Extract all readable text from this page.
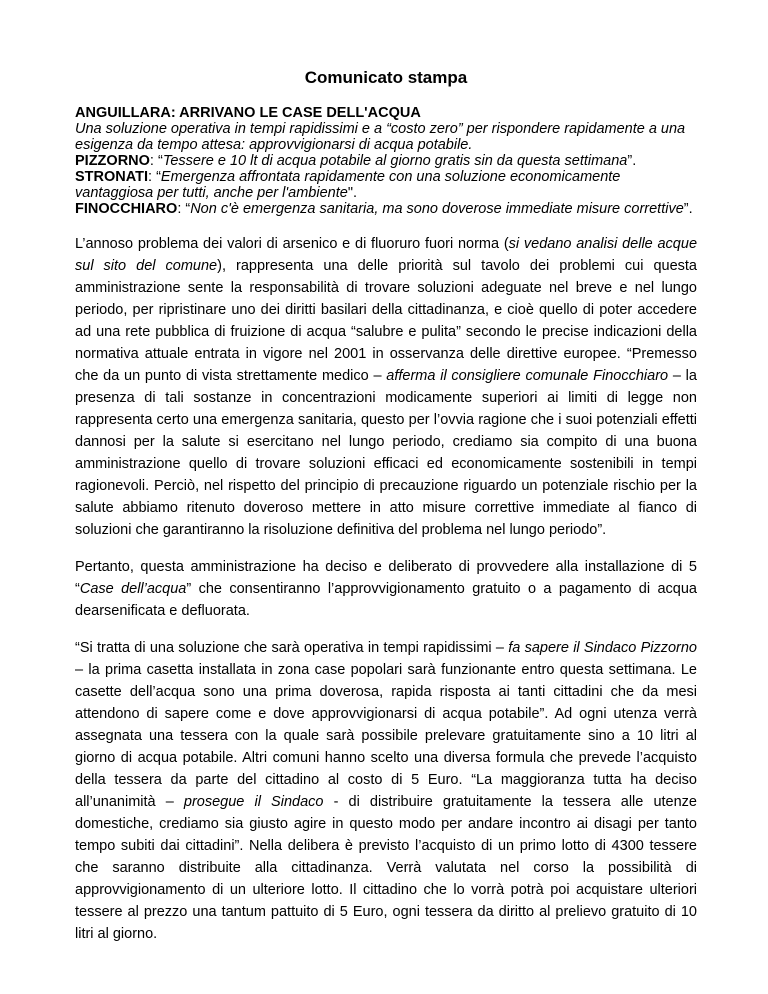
Comunicato stampa
ANGUILLARA: ARRIVANO LE CASE DELL'ACQUA
Una soluzione operativa in tempi rapidissimi e a “costo zero” per rispondere rapidamente a una esigenza da tempo attesa: approvvigionarsi di acqua potabile.
PIZZORNO: “Tessere e 10 lt di acqua potabile al giorno gratis sin da questa settimana”.
STRONATI: “Emergenza affrontata rapidamente con una soluzione economicamente vantaggiosa per tutti, anche per l'ambiente".
FINOCCHIARO: “Non c'è emergenza sanitaria, ma sono doverose immediate misure correttive”.

L’annoso problema dei valori di arsenico e di fluoruro fuori norma (si vedano analisi delle acque sul sito del comune), rappresenta una delle priorità sul tavolo dei problemi cui questa amministrazione sente la responsabilità di trovare soluzioni adeguate nel breve e nel lungo periodo, per ripristinare uno dei diritti basilari della cittadinanza, e cioè quello di poter accedere ad una rete pubblica di fruizione di acqua “salubre e pulita” secondo le precise indicazioni della normativa attuale entrata in vigore nel 2001 in osservanza delle direttive europee. “Premesso che da un punto di vista strettamente medico – afferma il consigliere comunale Finocchiaro – la presenza di tali sostanze in concentrazioni modicamente superiori ai limiti di legge non rappresenta certo una emergenza sanitaria, questo per l’ovvia ragione che i suoi potenziali effetti dannosi per la salute si esercitano nel lungo periodo, crediamo sia compito di una buona amministrazione quello di trovare soluzioni efficaci ed economicamente sostenibili in tempi ragionevoli. Perciò, nel rispetto del principio di precauzione riguardo un potenziale rischio per la salute abbiamo ritenuto doveroso mettere in atto misure correttive immediate al fianco di soluzioni che garantiranno la risoluzione definitiva del problema nel lungo periodo”.

Pertanto, questa amministrazione ha deciso e deliberato di provvedere alla installazione di 5 “Case dell’acqua” che consentiranno l’approvvigionamento gratuito o a pagamento di acqua dearsenificata e defluorata.

“Si tratta di una soluzione che sarà operativa in tempi rapidissimi – fa sapere il Sindaco Pizzorno – la prima casetta installata in zona case popolari sarà funzionante entro questa settimana. Le casette dell’acqua sono una prima doverosa, rapida risposta ai tanti cittadini che da mesi attendono di sapere come e dove approvvigionarsi di acqua potabile”. Ad ogni utenza verrà assegnata una tessera con la quale sarà possibile prelevare gratuitamente sino a 10 litri al giorno di acqua potabile. Altri comuni hanno scelto una diversa formula che prevede l’acquisto della tessera da parte del cittadino al costo di 5 Euro. “La maggioranza tutta ha deciso all’unanimità – prosegue il Sindaco - di distribuire gratuitamente la tessera alle utenze domestiche, crediamo sia giusto agire in questo modo per andare incontro ai disagi per tanto tempo subiti dai cittadini”. Nella delibera è previsto l’acquisto di un primo lotto di 4300 tessere che saranno distribuite alla cittadinanza. Verrà valutata nel corso la possibilità di approvvigionamento di un ulteriore lotto. Il cittadino che lo vorrà potrà poi acquistare ulteriori tessere al prezzo una tantum pattuito di 5 Euro, ogni tessera da diritto al prelievo gratuito di 10 litri al giorno.
